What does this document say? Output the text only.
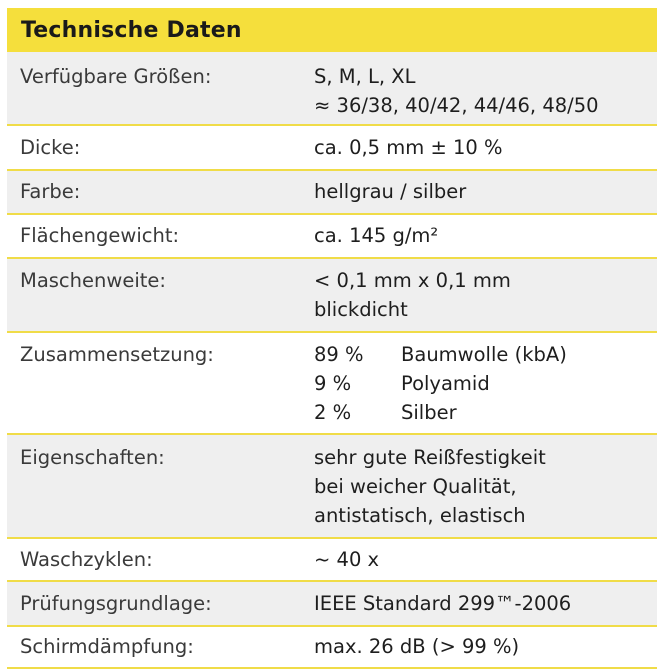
Technische Daten
Verfügbare Größen:	S, M, L, XL
≈ 36/38, 40/42, 44/46, 48/50
Dicke:	ca. 0,5 mm ± 10 %
Farbe:	hellgrau / silber
Flächengewicht:	ca. 145 g/m²
Maschenweite:	< 0,1 mm x 0,1 mm
blickdicht
Zusammensetzung:	89 % Baumwolle (kbA)
9 %	Polyamid
2 %	Silber
Eigenschaften:	sehr gute Reißfestigkeit
bei weicher Qualität,
antistatisch, elastisch
Waschzyklen:	~ 40 x
Prüfungsgrundlage:	IEEE Standard 299™-2006
Schirmdämpfung:	max. 26 dB (> 99 %)
